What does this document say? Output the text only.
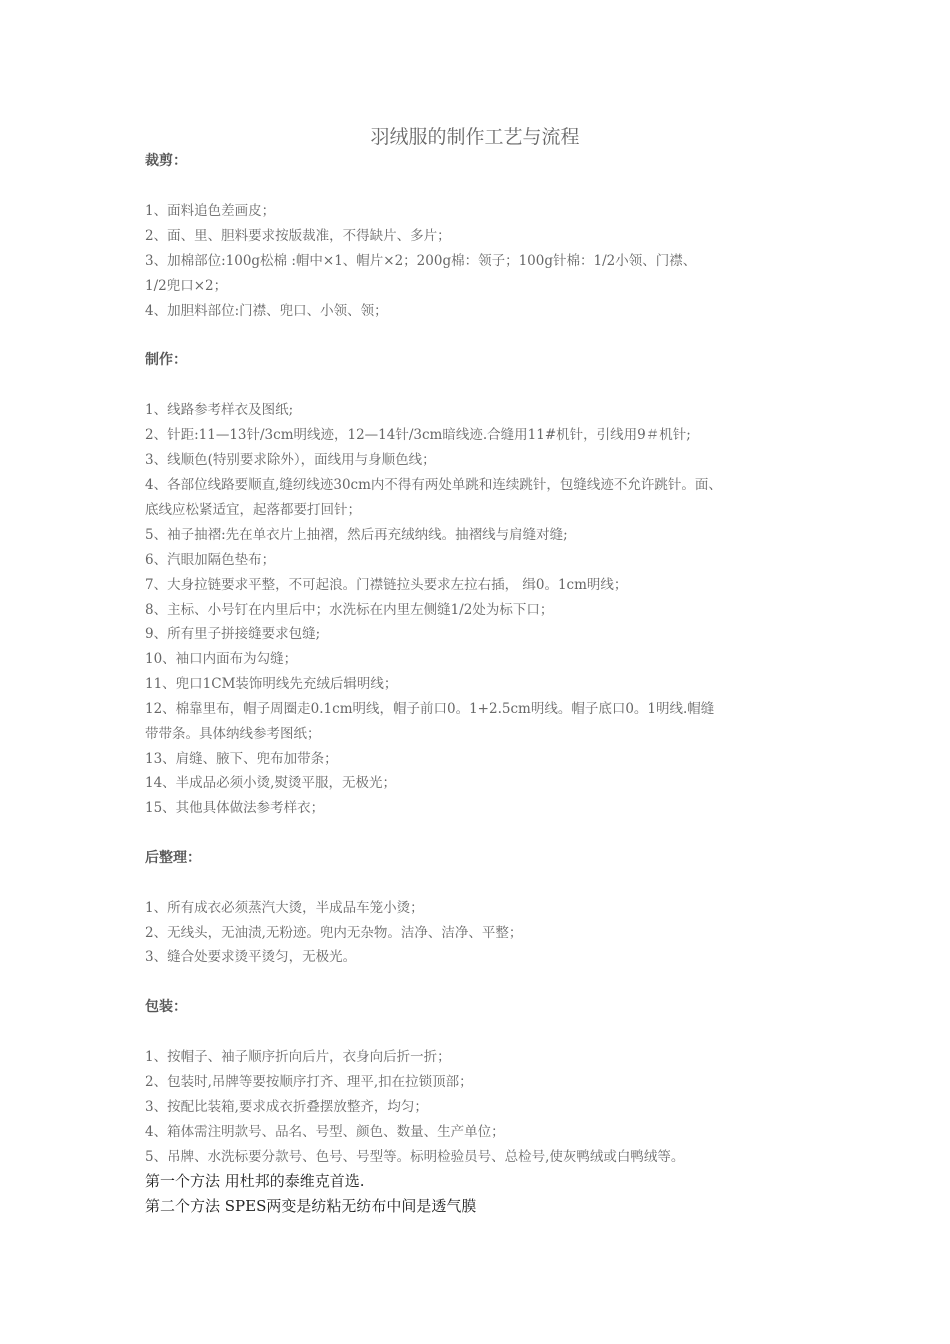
羽绒服的制作工艺与流程

裁剪：

1、面料追色差画皮；

2、面、里、胆料要求按版裁准，不得缺片、多片；

3、加棉部位:100g松棉 :帽中×1、帽片×2；200g棉：领子；100g针棉：1/2小领、门襟、

1/2兜口×2；

4、加胆料部位:门襟、兜口、小领、领；

制作：

1、线路参考样衣及图纸;

2、针距:11—13针/3cm明线迹，12—14针/3cm暗线迹.合缝用11#机针，引线用9＃机针;

3、线顺色(特别要求除外），面线用与身顺色线；

4、各部位线路要顺直,缝纫线迹30cm内不得有两处单跳和连续跳针，包缝线迹不允许跳针。面、

底线应松紧适宜，起落都要打回针；

5、袖子抽褶:先在单衣片上抽褶，然后再充绒纳线。抽褶线与肩缝对缝;

6、汽眼加隔色垫布；

7、大身拉链要求平整，不可起浪。门襟链拉头要求左拉右插， 缉0。1cm明线；

8、主标、小号钉在内里后中；水洗标在内里左侧缝1/2处为标下口；

9、所有里子拼接缝要求包缝;

10、袖口内面布为勾缝；

11、兜口1CM装饰明线先充绒后辑明线；

12、棉靠里布，帽子周圈走0.1cm明线，帽子前口0。1+2.5cm明线。帽子底口0。1明线.帽缝

带带条。具体纳线参考图纸；

13、肩缝、腋下、兜布加带条；

14、半成品必须小烫,熨烫平服，无极光；

15、其他具体做法参考样衣；

后整理：

1、所有成衣必须蒸汽大烫，半成品车笼小烫；

2、无线头，无油渍,无粉迹。兜内无杂物。洁净、洁净、平整；

3、缝合处要求烫平烫匀，无极光。

包装：

1、按帽子、袖子顺序折向后片，衣身向后折一折；

2、包装时,吊牌等要按顺序打齐、理平,扣在拉锁顶部；

3、按配比装箱,要求成衣折叠摆放整齐，均匀；

4、箱体需注明款号、品名、号型、颜色、数量、生产单位；

5、吊牌、水洗标要分款号、色号、号型等。标明检验员号、总检号,使灰鸭绒或白鸭绒等。

第一个方法 用杜邦的泰维克首选.

第二个方法 SPES两变是纺粘无纺布中间是透气膜
